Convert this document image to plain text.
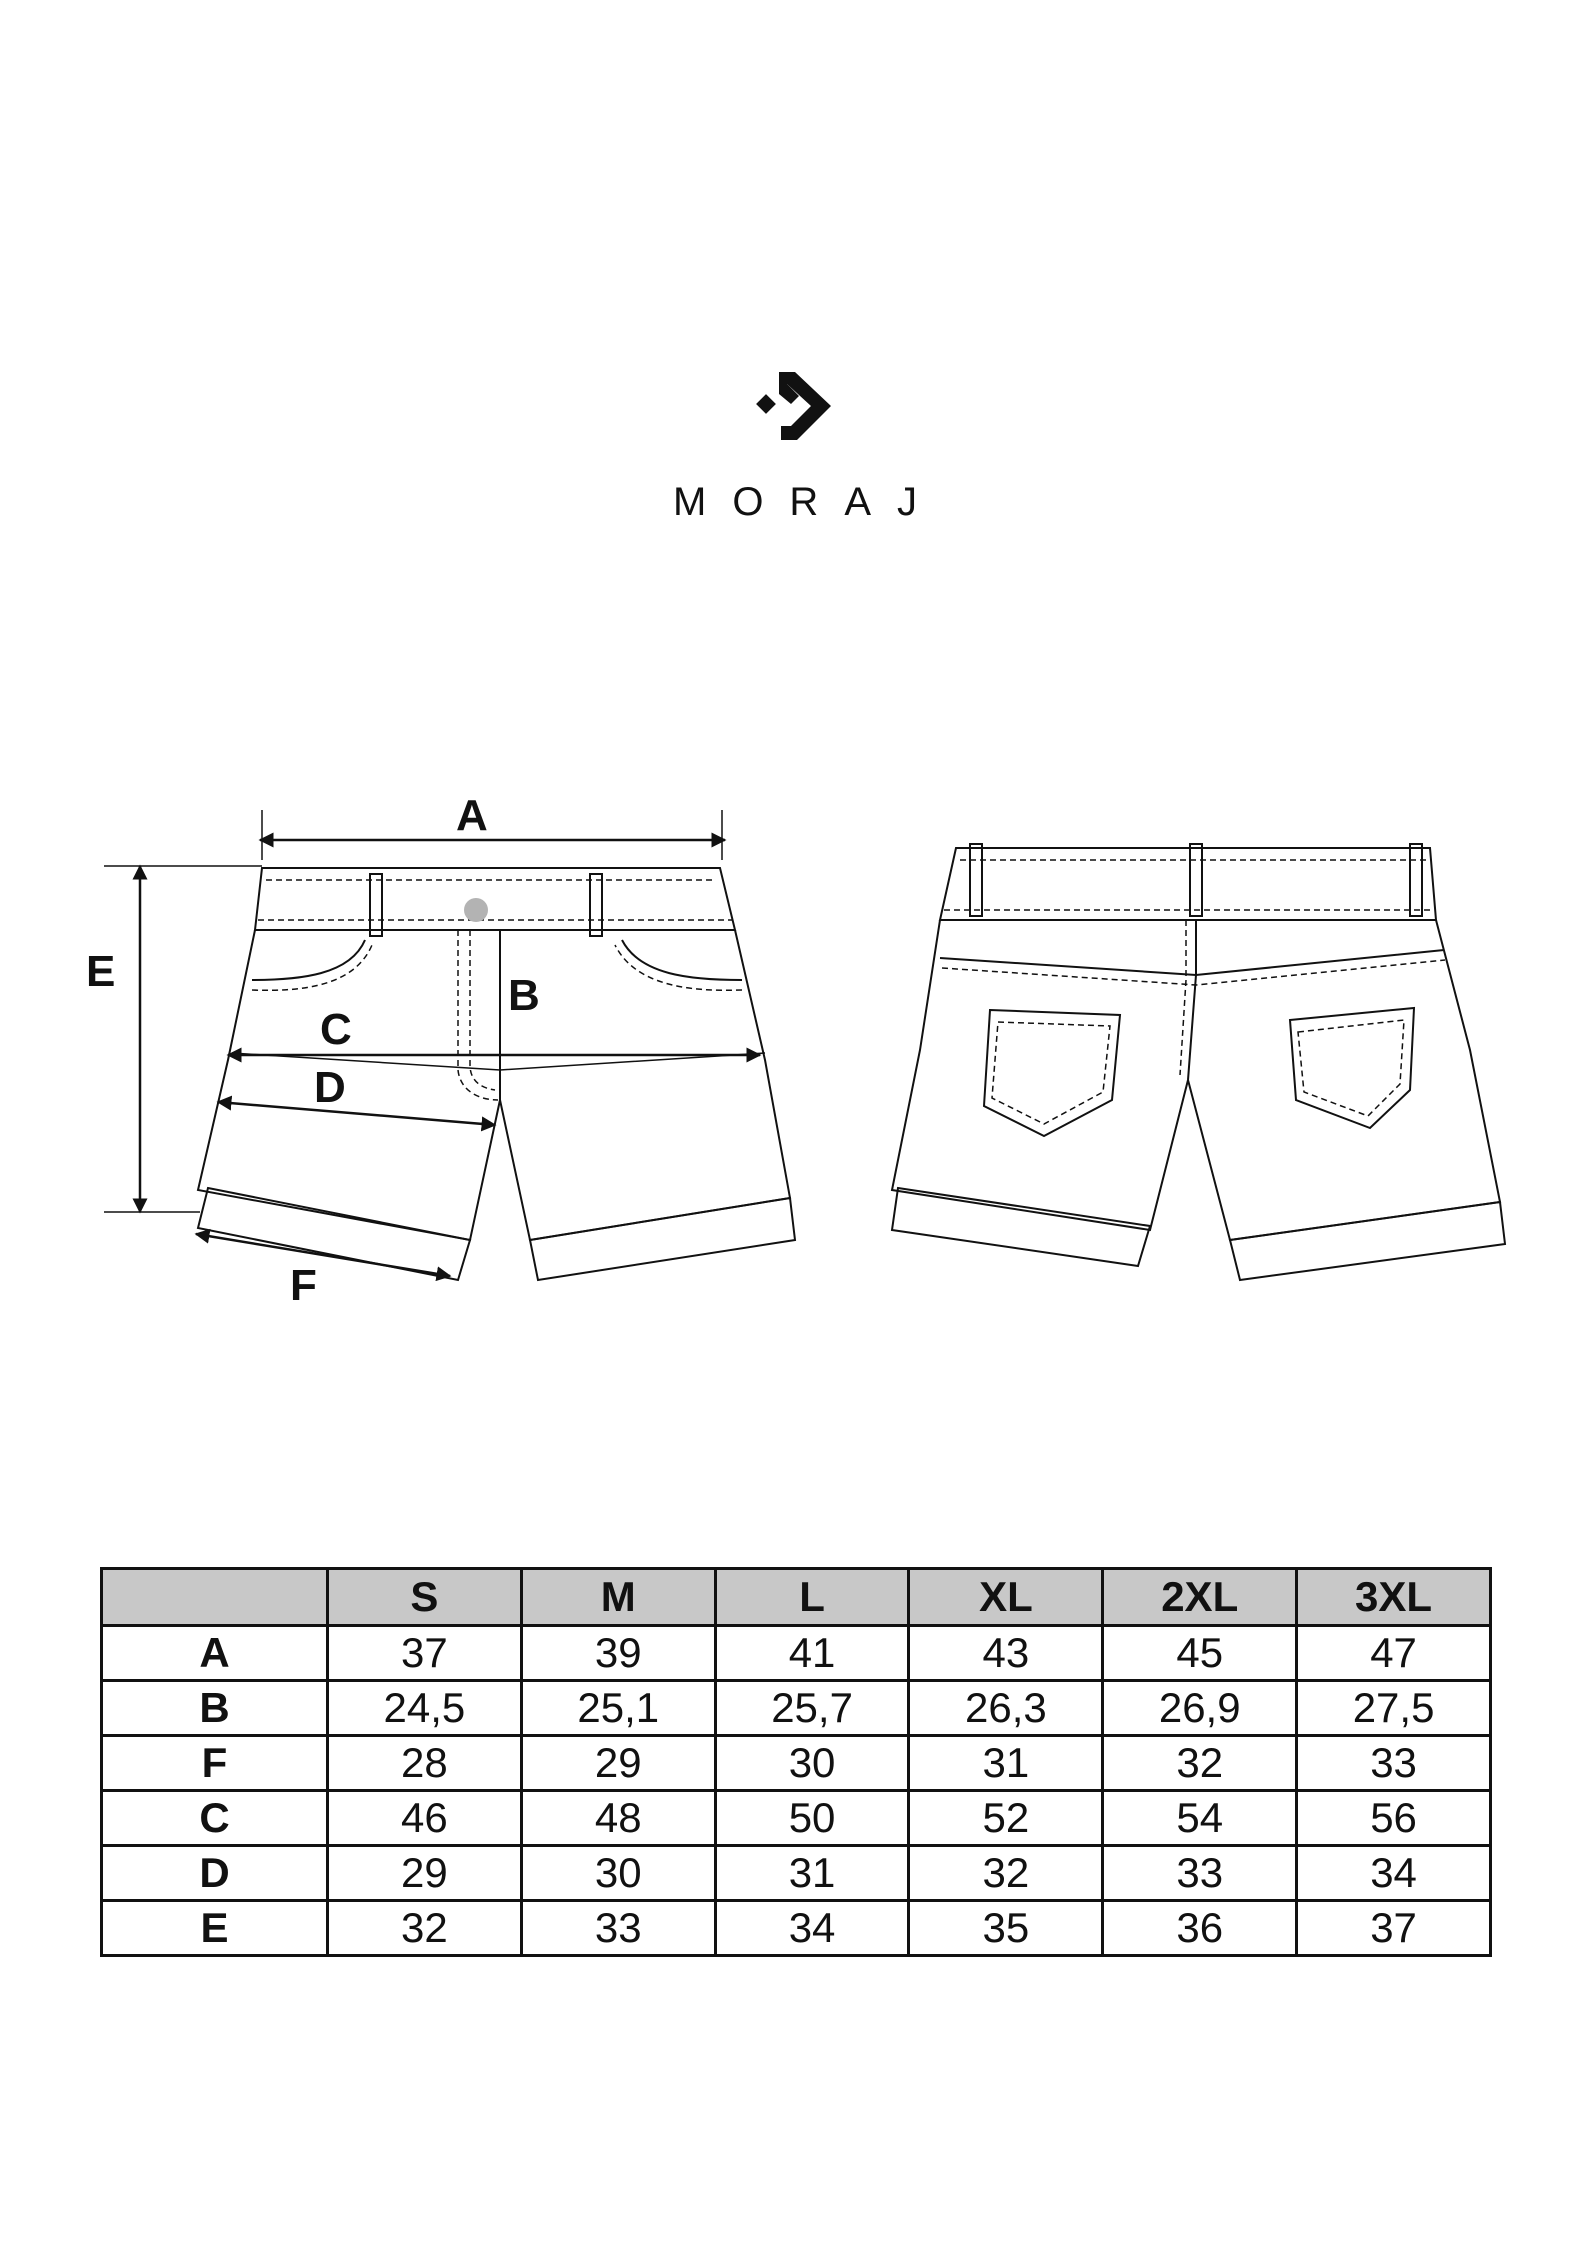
MORAJ
A
E	B
C
D
F
	S	M	L	XL	2XL	3XL
A	37	39	41	43	45	47
B	24,5	25,1	25,7	26,3	26,9	27,5
F	28	29	30	31	32	33
C	46	48	50	52	54	56
D	29	30	31	32	33	34
E	32	33	34	35	36	37
